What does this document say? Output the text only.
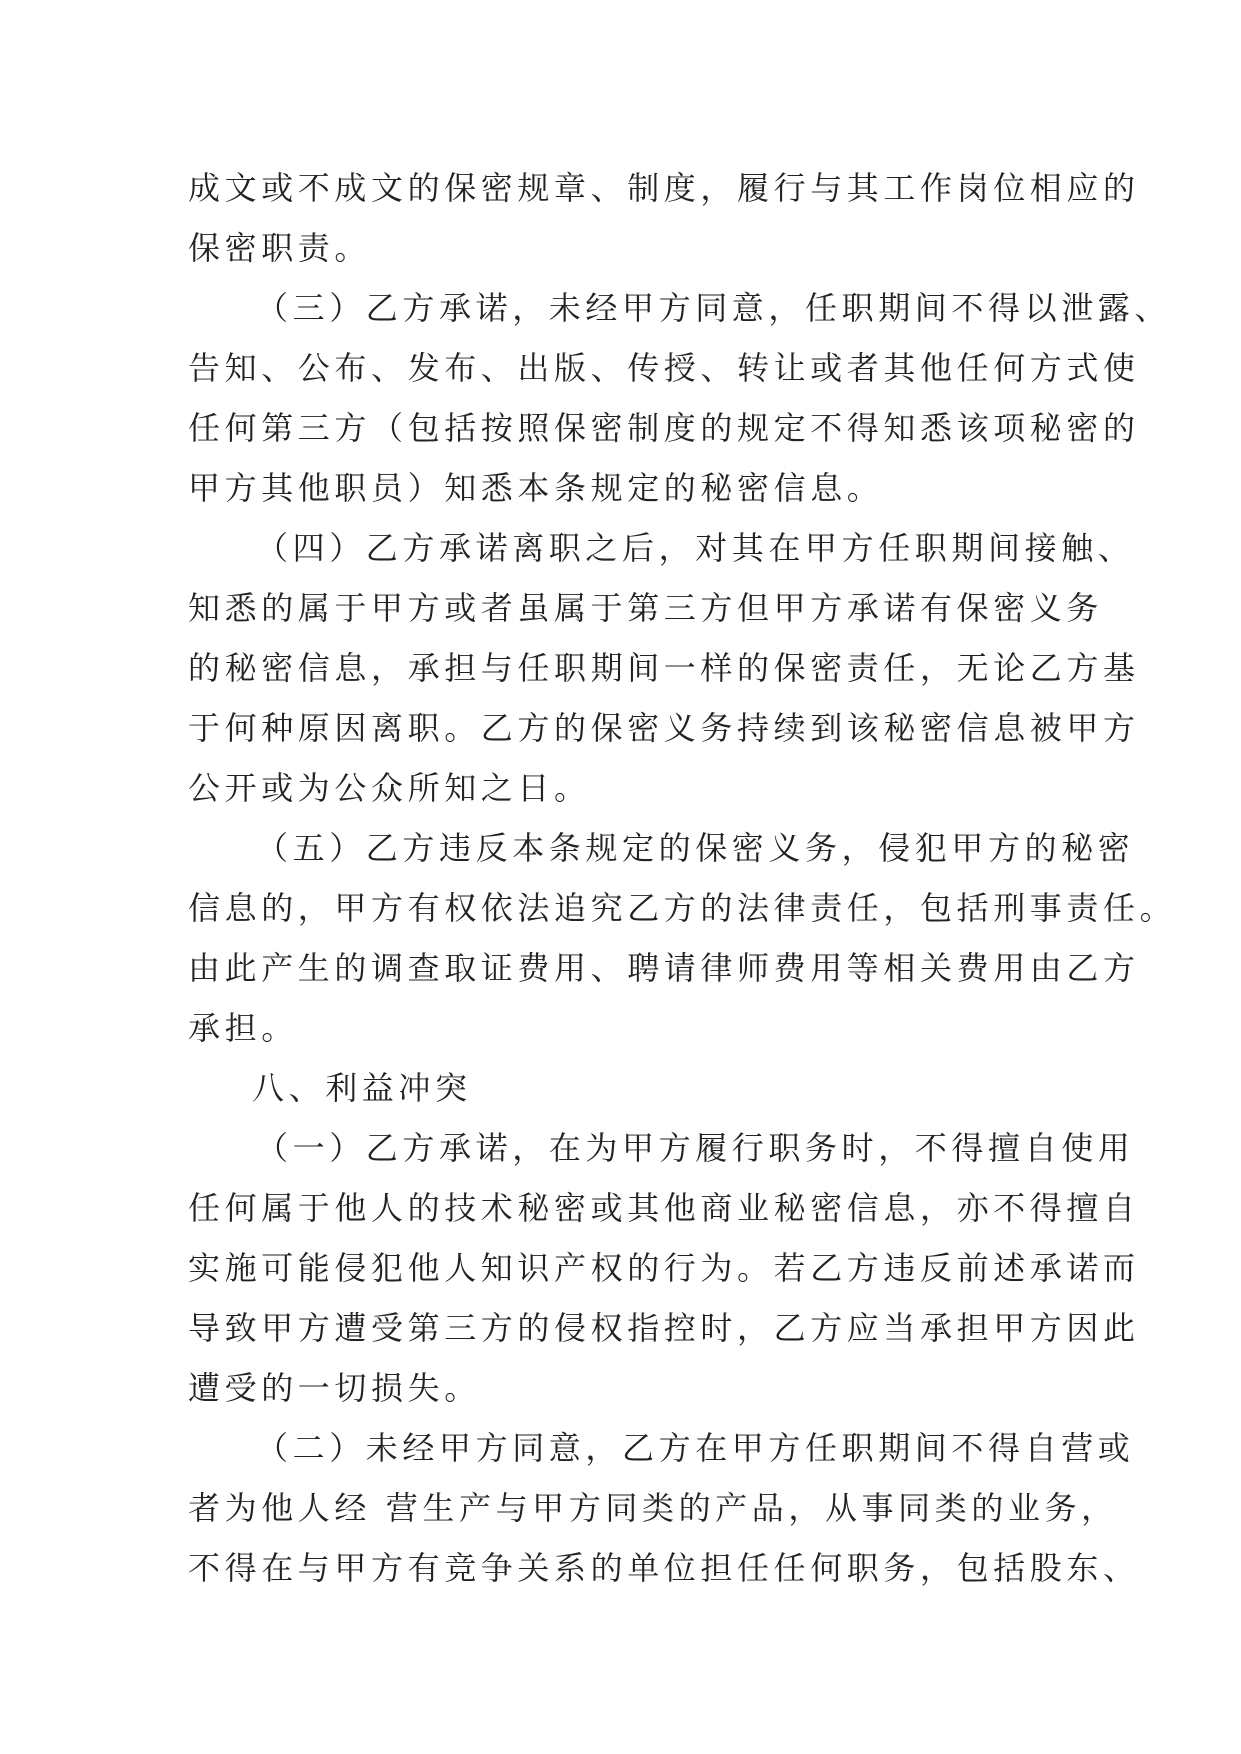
成文或不成文的保密规章、制度，履行与其工作岗位相应的
保密职责。
（三）乙方承诺，未经甲方同意，任职期间不得以泄露、
告知、公布、发布、出版、传授、转让或者其他任何方式使
任何第三方（包括按照保密制度的规定不得知悉该项秘密的
甲方其他职员）知悉本条规定的秘密信息。
（四）乙方承诺离职之后，对其在甲方任职期间接触、
知悉的属于甲方或者虽属于第三方但甲方承诺有保密义务
的秘密信息，承担与任职期间一样的保密责任，无论乙方基
于何种原因离职。乙方的保密义务持续到该秘密信息被甲方
公开或为公众所知之日。
（五）乙方违反本条规定的保密义务，侵犯甲方的秘密
信息的，甲方有权依法追究乙方的法律责任，包括刑事责任。
由此产生的调查取证费用、聘请律师费用等相关费用由乙方
承担。
八、利益冲突
（一）乙方承诺，在为甲方履行职务时，不得擅自使用
任何属于他人的技术秘密或其他商业秘密信息，亦不得擅自
实施可能侵犯他人知识产权的行为。若乙方违反前述承诺而
导致甲方遭受第三方的侵权指控时，乙方应当承担甲方因此
遭受的一切损失。
（二）未经甲方同意，乙方在甲方任职期间不得自营或
者为他人经 营生产与甲方同类的产品，从事同类的业务，
不得在与甲方有竞争关系的单位担任任何职务，包括股东、
